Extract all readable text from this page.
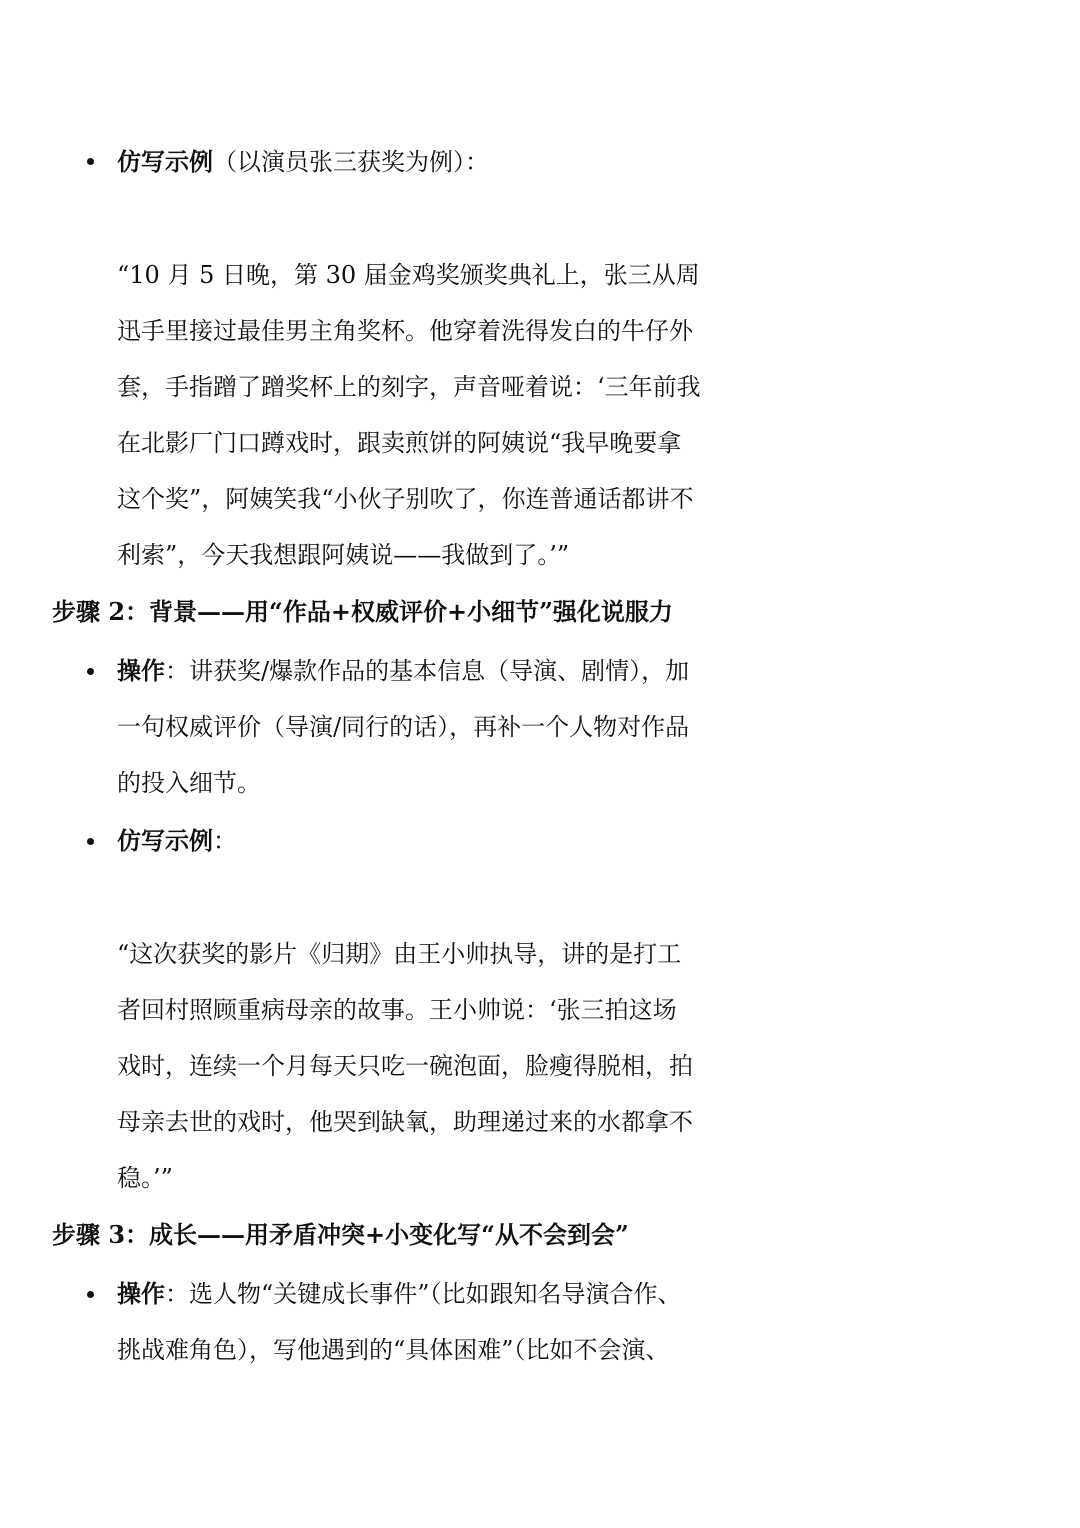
仿写示例（以演员张三获奖为例）：
“10 月 5 日晚，第 30 届金鸡奖颁奖典礼上，张三从周
迅手里接过最佳男主角奖杯。他穿着洗得发白的牛仔外
套，手指蹭了蹭奖杯上的刻字，声音哑着说：‘三年前我
在北影厂门口蹲戏时，跟卖煎饼的阿姨说“我早晚要拿
这个奖”，阿姨笑我“小伙子别吹了，你连普通话都讲不
利索”，今天我想跟阿姨说——我做到了。’”
步骤 2：背景——用“作品+权威评价+小细节”强化说服力
操作：讲获奖/爆款作品的基本信息（导演、剧情），加
一句权威评价（导演/同行的话），再补一个人物对作品
的投入细节。
仿写示例：
“这次获奖的影片《归期》由王小帅执导，讲的是打工
者回村照顾重病母亲的故事。王小帅说：‘张三拍这场
戏时，连续一个月每天只吃一碗泡面，脸瘦得脱相，拍
母亲去世的戏时，他哭到缺氧，助理递过来的水都拿不
稳。’”
步骤 3：成长——用矛盾冲突+小变化写“从不会到会”
操作：选人物“关键成长事件”（比如跟知名导演合作、
挑战难角色），写他遇到的“具体困难”（比如不会演、
